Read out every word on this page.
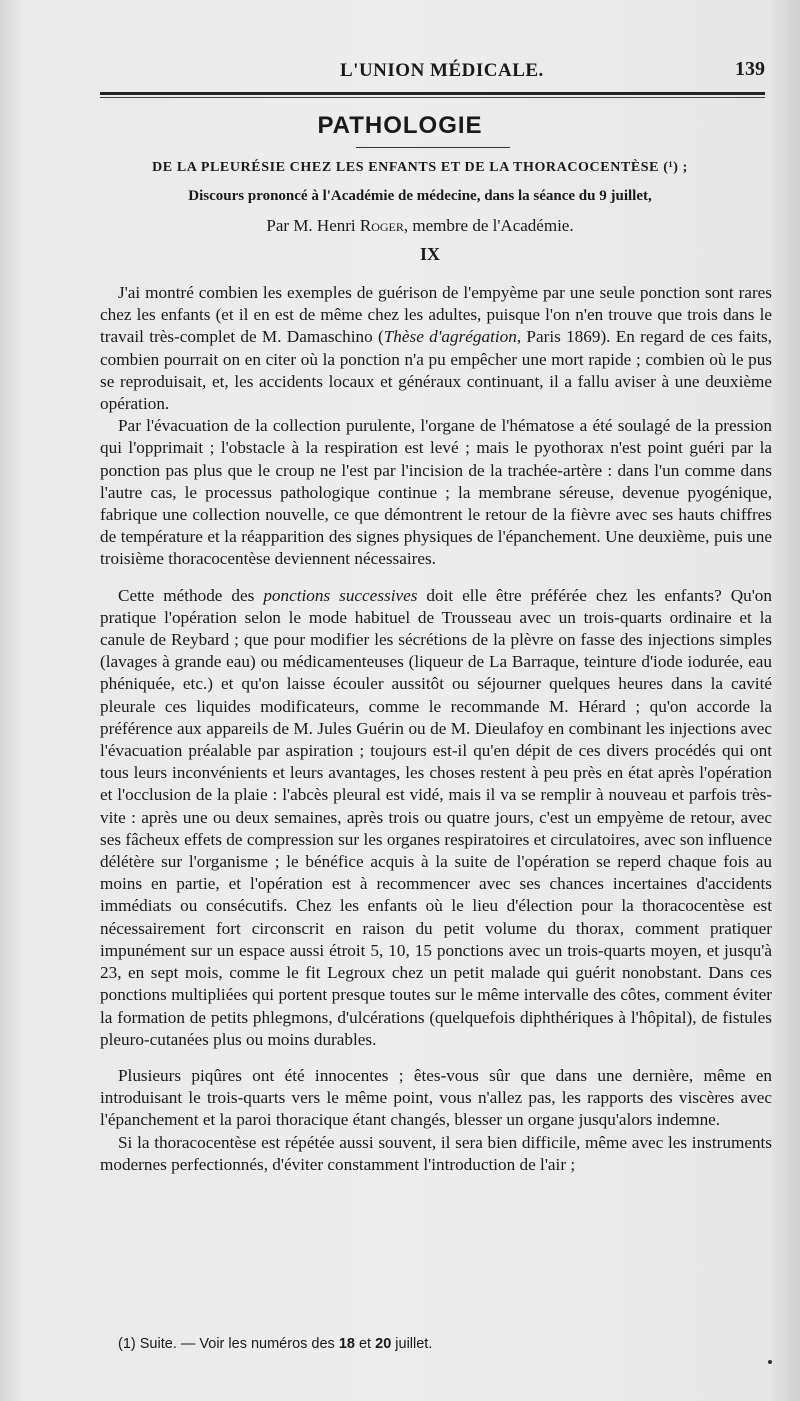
L'UNION MÉDICALE.	139
PATHOLOGIE
DE LA PLEURÉSIE CHEZ LES ENFANTS ET DE LA THORACOCENTÈSE (¹) ;
Discours prononcé à l'Académie de médecine, dans la séance du 9 juillet,
Par M. Henri Roger, membre de l'Académie.
IX

J'ai montré combien les exemples de guérison de l'empyème par une seule ponction sont rares chez les enfants (et il en est de même chez les adultes, puisque l'on n'en trouve que trois dans le travail très-complet de M. Damaschino (Thèse d'agrégation, Paris 1869). En regard de ces faits, combien pourrait on en citer où la ponction n'a pu empêcher une mort rapide ; combien où le pus se reproduisait, et, les accidents locaux et généraux continuant, il a fallu aviser à une deuxième opération.

Par l'évacuation de la collection purulente, l'organe de l'hématose a été soulagé de la pression qui l'opprimait ; l'obstacle à la respiration est levé ; mais le pyothorax n'est point guéri par la ponction pas plus que le croup ne l'est par l'incision de la trachée-artère : dans l'un comme dans l'autre cas, le processus pathologique continue ; la membrane séreuse, devenue pyogénique, fabrique une collection nouvelle, ce que démontrent le retour de la fièvre avec ses hauts chiffres de température et la réapparition des signes physiques de l'épanchement. Une deuxième, puis une troisième thoracocentèse deviennent nécessaires.

Cette méthode des ponctions successives doit elle être préférée chez les enfants? Qu'on pratique l'opération selon le mode habituel de Trousseau avec un trois-quarts ordinaire et la canule de Reybard ; que pour modifier les sécrétions de la plèvre on fasse des injections simples (lavages à grande eau) ou médicamenteuses (liqueur de La Barraque, teinture d'iode iodurée, eau phéniquée, etc.) et qu'on laisse écouler aussitôt ou séjourner quelques heures dans la cavité pleurale ces liquides modificateurs, comme le recommande M. Hérard ; qu'on accorde la préférence aux appareils de M. Jules Guérin ou de M. Dieulafoy en combinant les injections avec l'évacuation préalable par aspiration ; toujours est-il qu'en dépit de ces divers procédés qui ont tous leurs inconvénients et leurs avantages, les choses restent à peu près en état après l'opération et l'occlusion de la plaie : l'abcès pleural est vidé, mais il va se remplir à nouveau et parfois très-vite : après une ou deux semaines, après trois ou quatre jours, c'est un empyème de retour, avec ses fâcheux effets de compression sur les organes respiratoires et circulatoires, avec son influence délétère sur l'organisme ; le bénéfice acquis à la suite de l'opération se reperd chaque fois au moins en partie, et l'opération est à recommencer avec ses chances incertaines d'accidents immédiats ou consécutifs. Chez les enfants où le lieu d'élection pour la thoracocentèse est nécessairement fort circonscrit en raison du petit volume du thorax, comment pratiquer impunément sur un espace aussi étroit 5, 10, 15 ponctions avec un trois-quarts moyen, et jusqu'à 23, en sept mois, comme le fit Legroux chez un petit malade qui guérit nonobstant. Dans ces ponctions multipliées qui portent presque toutes sur le même intervalle des côtes, comment éviter la formation de petits phlegmons, d'ulcérations (quelquefois diphthériques à l'hôpital), de fistules pleuro-cutanées plus ou moins durables.

Plusieurs piqûres ont été innocentes ; êtes-vous sûr que dans une dernière, même en introduisant le trois-quarts vers le même point, vous n'allez pas, les rapports des viscères avec l'épanchement et la paroi thoracique étant changés, blesser un organe jusqu'alors indemne.

Si la thoracocentèse est répétée aussi souvent, il sera bien difficile, même avec les instruments modernes perfectionnés, d'éviter constamment l'introduction de l'air ;

(1) Suite. — Voir les numéros des 18 et 20 juillet.
